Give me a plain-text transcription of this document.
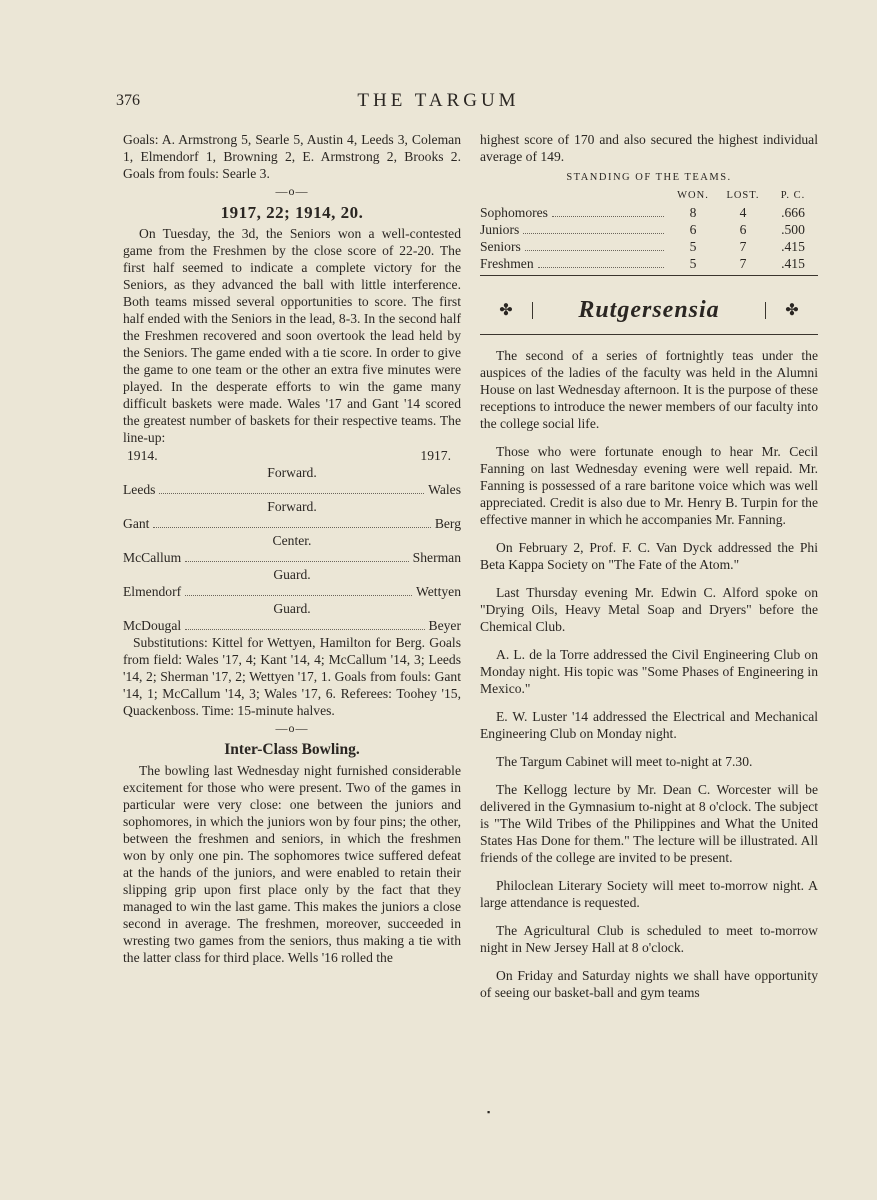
376	THE TARGUM

Goals: A. Armstrong 5, Searle 5, Austin 4, Leeds 3, Coleman 1, Elmendorf 1, Browning 2, E. Armstrong 2, Brooks 2. Goals from fouls: Searle 3.

—o—
1917, 22; 1914, 20.

On Tuesday, the 3d, the Seniors won a well-contested game from the Freshmen by the close score of 22-20. The first half seemed to indicate a complete victory for the Seniors, as they advanced the ball with little interference. Both teams missed several opportunities to score. The first half ended with the Seniors in the lead, 8-3. In the second half the Freshmen recovered and soon overtook the lead held by the Seniors. The game ended with a tie score. In order to give the game to one team or the other an extra five minutes were played. In the desperate efforts to win the game many difficult baskets were made. Wales '17 and Gant '14 scored the greatest number of baskets for their respective teams. The line-up:

1914.	1917.
Forward.
Leeds	Wales
Forward.
Gant	Berg
Center.
McCallum	Sherman
Guard.
Elmendorf	Wettyen
Guard.
McDougal	Beyer

Substitutions: Kittel for Wettyen, Hamilton for Berg. Goals from field: Wales '17, 4; Kant '14, 4; McCallum '14, 3; Leeds '14, 2; Sherman '17, 2; Wettyen '17, 1. Goals from fouls: Gant '14, 1; McCallum '14, 3; Wales '17, 6. Referees: Toohey '15, Quackenboss. Time: 15-minute halves.

—o—
Inter-Class Bowling.

The bowling last Wednesday night furnished considerable excitement for those who were present. Two of the games in particular were very close: one between the juniors and sophomores, in which the juniors won by four pins; the other, between the freshmen and seniors, in which the freshmen won by only one pin. The sophomores twice suffered defeat at the hands of the juniors, and were enabled to retain their slipping grip upon first place only by the fact that they managed to win the last game. This makes the juniors a close second in average. The freshmen, moreover, succeeded in wresting two games from the seniors, thus making a tie with the latter class for third place. Wells '16 rolled the

highest score of 170 and also secured the highest individual average of 149.

STANDING OF THE TEAMS.
	WON.	LOST.	P. C.

Sophomores	8	4	.666

Juniors	6	6	.500

Seniors	5	7	.415

Freshmen	5	7	.415
✤	Rutgersensia	✤

The second of a series of fortnightly teas under the auspices of the ladies of the faculty was held in the Alumni House on last Wednesday afternoon. It is the purpose of these receptions to introduce the newer members of our faculty into the college social life.

Those who were fortunate enough to hear Mr. Cecil Fanning on last Wednesday evening were well repaid. Mr. Fanning is possessed of a rare baritone voice which was well appreciated. Credit is also due to Mr. Henry B. Turpin for the effective manner in which he accompanies Mr. Fanning.

On February 2, Prof. F. C. Van Dyck addressed the Phi Beta Kappa Society on "The Fate of the Atom."

Last Thursday evening Mr. Edwin C. Alford spoke on "Drying Oils, Heavy Metal Soap and Dryers" before the Chemical Club.

A. L. de la Torre addressed the Civil Engineering Club on Monday night. His topic was "Some Phases of Engineering in Mexico."

E. W. Luster '14 addressed the Electrical and Mechanical Engineering Club on Monday night.

The Targum Cabinet will meet to-night at 7.30.

The Kellogg lecture by Mr. Dean C. Worcester will be delivered in the Gymnasium to-night at 8 o'clock. The subject is "The Wild Tribes of the Philippines and What the United States Has Done for them." The lecture will be illustrated. All friends of the college are invited to be present.

Philoclean Literary Society will meet to-morrow night. A large attendance is requested.

The Agricultural Club is scheduled to meet to-morrow night in New Jersey Hall at 8 o'clock.

On Friday and Saturday nights we shall have opportunity of seeing our basket-ball and gym teams

▪
